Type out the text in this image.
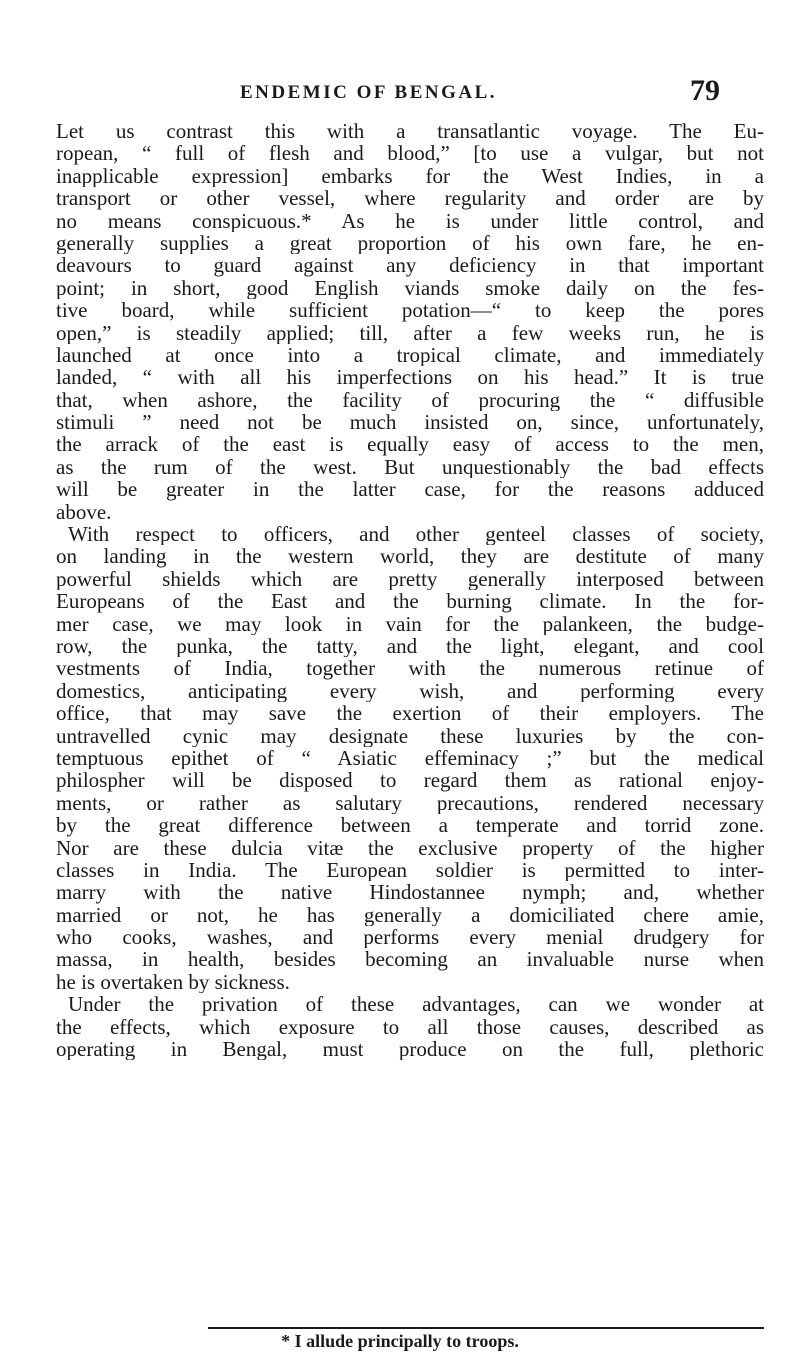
ENDEMIC OF BENGAL.	79
Let us contrast this with a transatlantic voyage. The Eu-
ropean, “ full of flesh and blood,” [to use a vulgar, but not
inapplicable expression] embarks for the West Indies, in a
transport or other vessel, where regularity and order are by
no means conspicuous.* As he is under little control, and
generally supplies a great proportion of his own fare, he en-
deavours to guard against any deficiency in that important
point; in short, good English viands smoke daily on the fes-
tive board, while sufficient potation—“ to keep the pores
open,” is steadily applied; till, after a few weeks run, he is
launched at once into a tropical climate, and immediately
landed, “ with all his imperfections on his head.” It is true
that, when ashore, the facility of procuring the “ diffusible
stimuli ” need not be much insisted on, since, unfortunately,
the arrack of the east is equally easy of access to the men,
as the rum of the west. But unquestionably the bad effects
will be greater in the latter case, for the reasons adduced
above.
With respect to officers, and other genteel classes of society,
on landing in the western world, they are destitute of many
powerful shields which are pretty generally interposed between
Europeans of the East and the burning climate. In the for-
mer case, we may look in vain for the palankeen, the budge-
row, the punka, the tatty, and the light, elegant, and cool
vestments of India, together with the numerous retinue of
domestics, anticipating every wish, and performing every
office, that may save the exertion of their employers. The
untravelled cynic may designate these luxuries by the con-
temptuous epithet of “ Asiatic effeminacy ;” but the medical
philospher will be disposed to regard them as rational enjoy-
ments, or rather as salutary precautions, rendered necessary
by the great difference between a temperate and torrid zone.
Nor are these dulcia vitæ the exclusive property of the higher
classes in India. The European soldier is permitted to inter-
marry with the native Hindostannee nymph; and, whether
married or not, he has generally a domiciliated chere amie,
who cooks, washes, and performs every menial drudgery for
massa, in health, besides becoming an invaluable nurse when
he is overtaken by sickness.
Under the privation of these advantages, can we wonder at
the effects, which exposure to all those causes, described as
operating in Bengal, must produce on the full, plethoric
* I allude principally to troops.
